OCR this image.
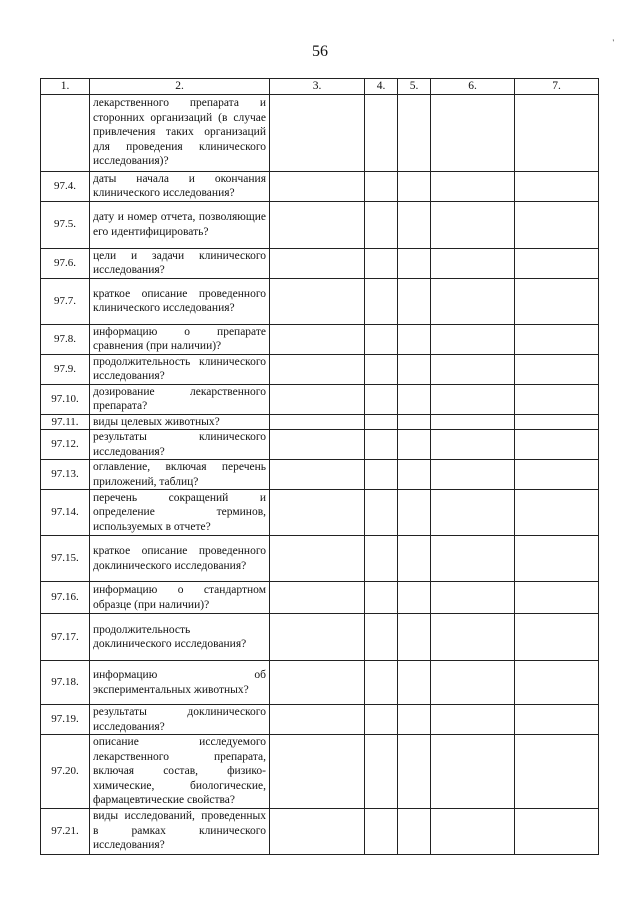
'
56
1.	2.	3.	4.	5.	6.	7.
	лекарственного препарата и сторонних организаций (в случае привлечения таких организаций для проведения клинического исследования)?					
97.4.	даты начала и окончания клинического исследования?					
97.5.	дату и номер отчета, позволяющие его идентифицировать?					
97.6.	цели и задачи клинического исследования?					
97.7.	краткое описание проведенного клинического исследования?					
97.8.	информацию о препарате сравнения (при наличии)?					
97.9.	продолжительность клинического исследования?					
97.10.	дозирование лекарственного препарата?					
97.11.	виды целевых животных?					
97.12.	результаты клинического исследования?					
97.13.	оглавление, включая перечень приложений, таблиц?					
97.14.	перечень сокращений и определение терминов, используемых в отчете?					
97.15.	краткое описание проведенного доклинического исследования?					
97.16.	информацию о стандартном образце (при наличии)?					
97.17.	продолжительность доклинического исследования?					
97.18.	информацию об экспериментальных животных?					
97.19.	результаты доклинического исследования?					
97.20.	описание исследуемого лекарственного препарата, включая состав, физико-химические, биологические, фармацевтические свойства?					
97.21.	виды исследований, проведенных в рамках клинического исследования?					
